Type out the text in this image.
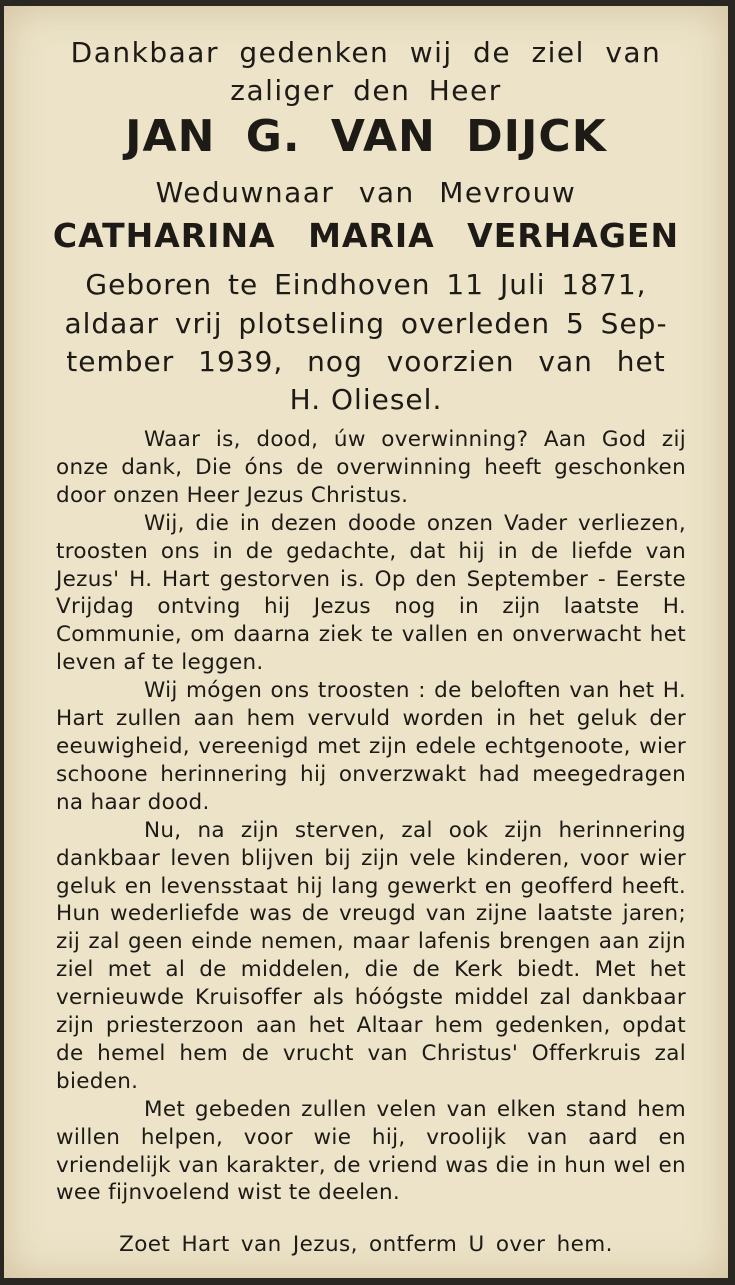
Dankbaar gedenken wij de ziel van
zaliger den Heer
JAN G. VAN DIJCK
Weduwnaar van Mevrouw
CATHARINA MARIA VERHAGEN
Geboren te Eindhoven 11 Juli 1871,
aldaar vrij plotseling overleden 5 Sep-
tember 1939, nog voorzien van het
H. Oliesel.

Waar is, dood, úw overwinning? Aan God zij onze dank, Die óns de overwinning heeft geschonken door onzen Heer Jezus Christus.

Wij, die in dezen doode onzen Vader verliezen, troosten ons in de gedachte, dat hij in de liefde van Jezus' H. Hart gestorven is. Op den September - Eerste Vrijdag ontving hij Jezus nog in zijn laatste H. Communie, om daarna ziek te vallen en onverwacht het leven af te leggen.

Wij mógen ons troosten : de beloften van het H. Hart zullen aan hem vervuld worden in het geluk der eeuwigheid, vereenigd met zijn edele echtgenoote, wier schoone herinnering hij onverzwakt had meegedragen na haar dood.

Nu, na zijn sterven, zal ook zijn herinnering dankbaar leven blijven bij zijn vele kinderen, voor wier geluk en levensstaat hij lang gewerkt en geofferd heeft. Hun wederliefde was de vreugd van zijne laatste jaren; zij zal geen einde nemen, maar lafenis brengen aan zijn ziel met al de middelen, die de Kerk biedt. Met het vernieuwde Kruisoffer als hóógste middel zal dankbaar zijn priesterzoon aan het Altaar hem gedenken, opdat de hemel hem de vrucht van Christus' Offerkruis zal bieden.

Met gebeden zullen velen van elken stand hem willen helpen, voor wie hij, vroolijk van aard en vriendelijk van karakter, de vriend was die in hun wel en wee fijnvoelend wist te deelen.

Zoet Hart van Jezus, ontferm U over hem.
